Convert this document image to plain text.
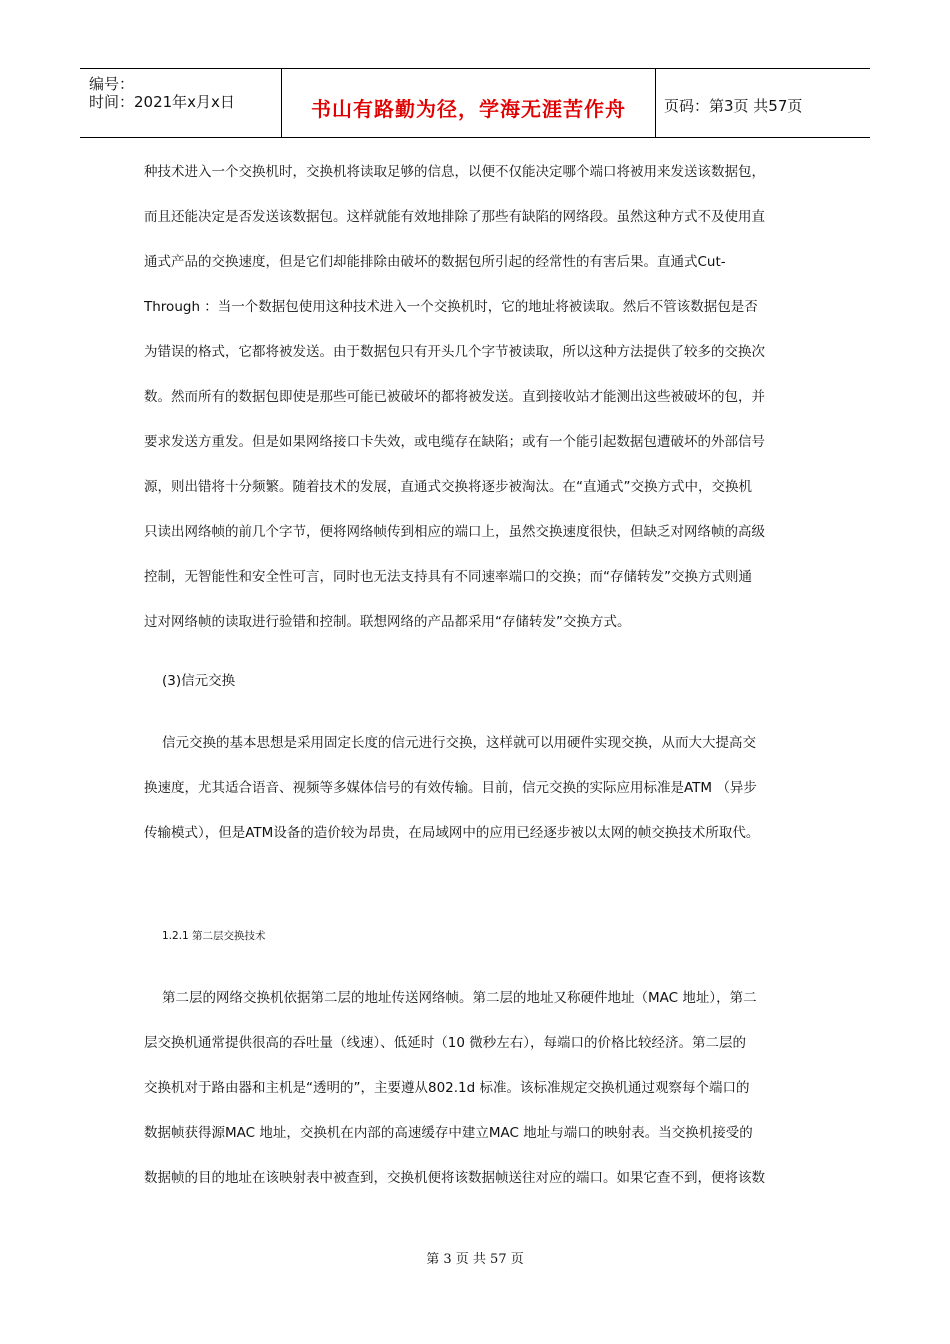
编号：
时间：2021年x月x日	书山有路勤为径，学海无涯苦作舟	页码：第3页 共57页
种技术进入一个交换机时，交换机将读取足够的信息，以便不仅能决定哪个端口将被用来发送该数据包，
而且还能决定是否发送该数据包。这样就能有效地排除了那些有缺陷的网络段。虽然这种方式不及使用直
通式产品的交换速度，但是它们却能排除由破坏的数据包所引起的经常性的有害后果。直通式Cut-
Through ：当一个数据包使用这种技术进入一个交换机时，它的地址将被读取。然后不管该数据包是否
为错误的格式，它都将被发送。由于数据包只有开头几个字节被读取，所以这种方法提供了较多的交换次
数。然而所有的数据包即使是那些可能已被破坏的都将被发送。直到接收站才能测出这些被破坏的包，并
要求发送方重发。但是如果网络接口卡失效，或电缆存在缺陷；或有一个能引起数据包遭破坏的外部信号
源，则出错将十分频繁。随着技术的发展，直通式交换将逐步被淘汰。在“直通式”交换方式中，交换机
只读出网络帧的前几个字节，便将网络帧传到相应的端口上，虽然交换速度很快，但缺乏对网络帧的高级
控制，无智能性和安全性可言，同时也无法支持具有不同速率端口的交换；而“存储转发”交换方式则通
过对网络帧的读取进行验错和控制。联想网络的产品都采用“存储转发”交换方式。
(3)信元交换
信元交换的基本思想是采用固定长度的信元进行交换，这样就可以用硬件实现交换，从而大大提高交
换速度，尤其适合语音、视频等多媒体信号的有效传输。目前，信元交换的实际应用标准是ATM （异步
传输模式），但是ATM设备的造价较为昂贵，在局域网中的应用已经逐步被以太网的帧交换技术所取代。
1.2.1 第二层交换技术
第二层的网络交换机依据第二层的地址传送网络帧。第二层的地址又称硬件地址（MAC 地址），第二
层交换机通常提供很高的吞吐量（线速）、低延时（10 微秒左右），每端口的价格比较经济。第二层的
交换机对于路由器和主机是“透明的”，主要遵从802.1d 标准。该标准规定交换机通过观察每个端口的
数据帧获得源MAC 地址，交换机在内部的高速缓存中建立MAC 地址与端口的映射表。当交换机接受的
数据帧的目的地址在该映射表中被查到，交换机便将该数据帧送往对应的端口。如果它查不到，便将该数
第 3 页 共 57 页
